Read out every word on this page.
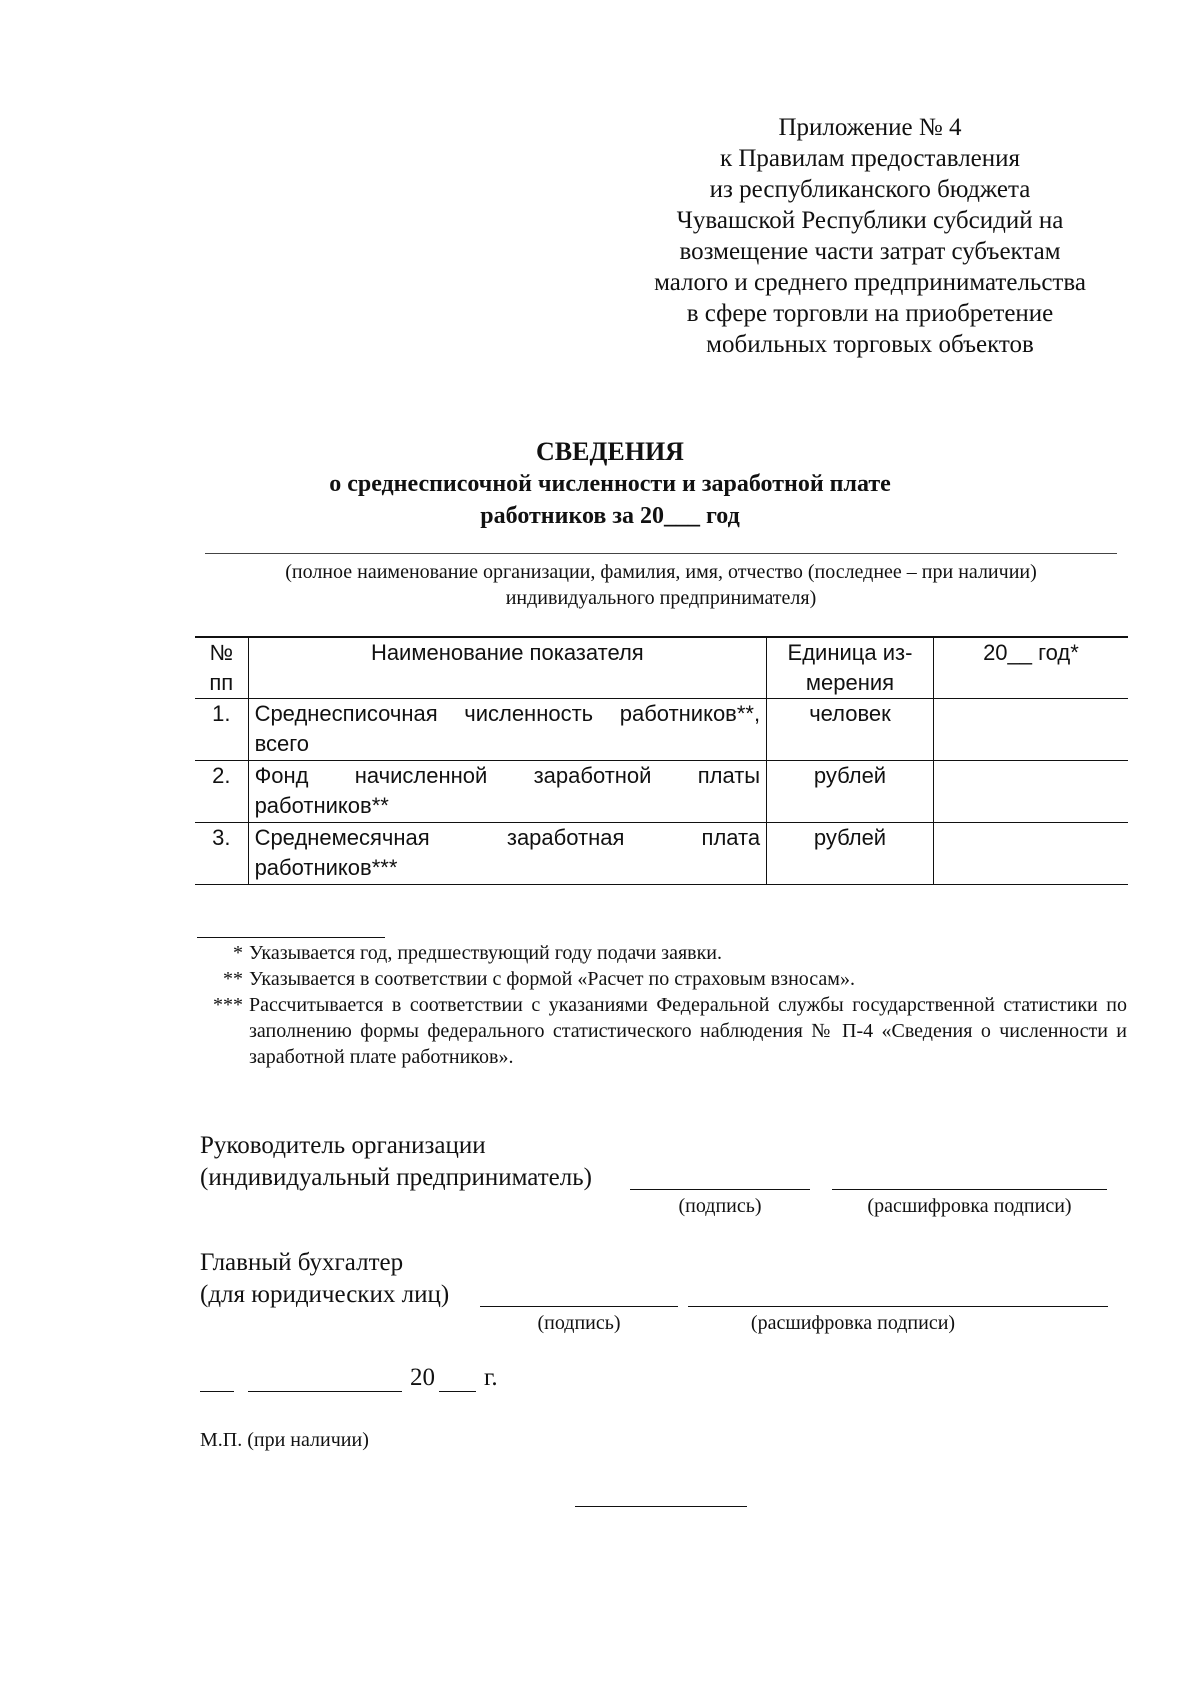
Приложение № 4
к Правилам предоставления
из республиканского бюджета
Чувашской Республики субсидий на
возмещение части затрат субъектам
малого и среднего предпринимательства
в сфере торговли на приобретение
мобильных торговых объектов
СВЕДЕНИЯ
о среднесписочной численности и заработной плате
работников за 20___ год
(полное наименование организации, фамилия, имя, отчество (последнее – при наличии)
индивидуального предпринимателя)
№ пп	Наименование показателя	Единица из-мерения	20__ год*
1.	Среднесписочная численность работников**, всего	человек	
2.	Фонд начисленной заработной платы работников**	рублей	
3.	Среднемесячная заработная плата работников***	рублей	
* Указывается год, предшествующий году подачи заявки.
** Указывается в соответствии с формой «Расчет по страховым взносам».
*** Рассчитывается в соответствии с указаниями Федеральной службы государственной статистики по заполнению формы федерального статистического наблюдения № П-4 «Сведения о численности и заработной плате работников».
Руководитель организации
(индивидуальный предприниматель)
(подпись)	(расшифровка подписи)
Главный бухгалтер
(для юридических лиц)
(подпись)	(расшифровка подписи)
20 г.
М.П. (при наличии)
